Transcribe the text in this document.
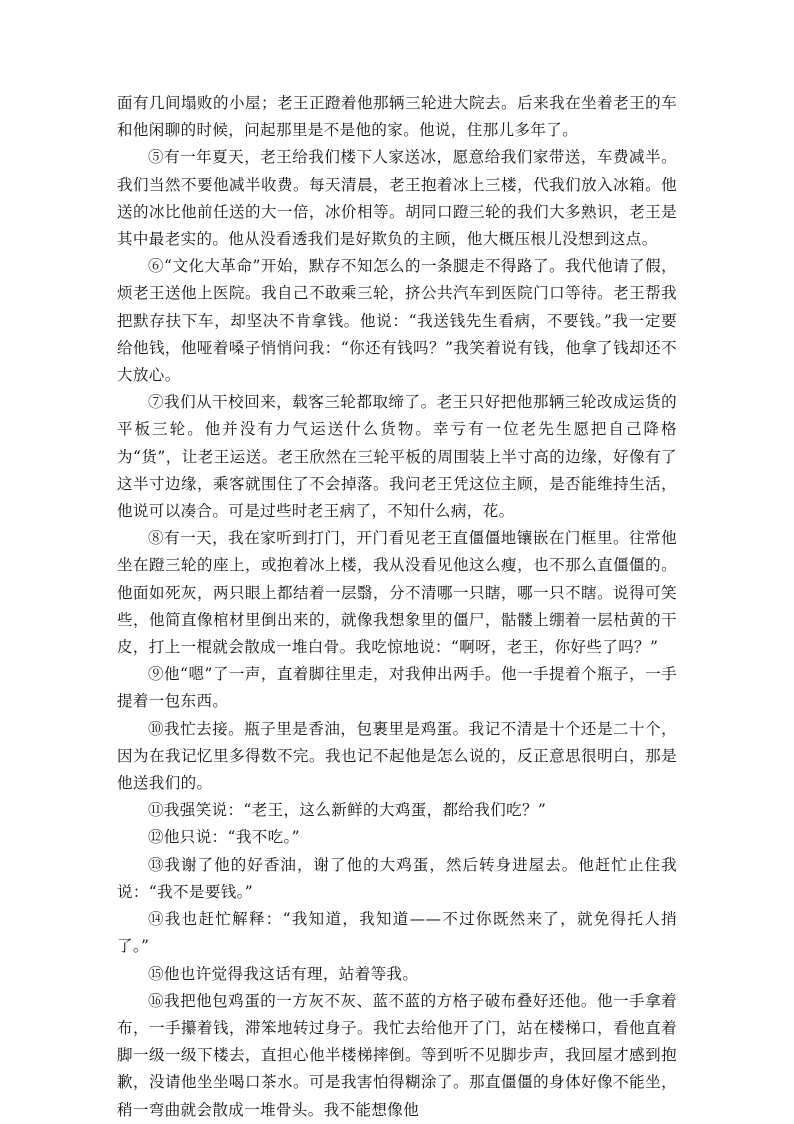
面有几间塌败的小屋；老王正蹬着他那辆三轮进大院去。后来我在坐着老王的车和他闲聊的时候，问起那里是不是他的家。他说，住那儿多年了。

⑤有一年夏天，老王给我们楼下人家送冰，愿意给我们家带送，车费减半。我们当然不要他减半收费。每天清晨，老王抱着冰上三楼，代我们放入冰箱。他送的冰比他前任送的大一倍，冰价相等。胡同口蹬三轮的我们大多熟识，老王是其中最老实的。他从没看透我们是好欺负的主顾，他大概压根儿没想到这点。

⑥“文化大革命”开始，默存不知怎么的一条腿走不得路了。我代他请了假，烦老王送他上医院。我自己不敢乘三轮，挤公共汽车到医院门口等待。老王帮我把默存扶下车，却坚决不肯拿钱。他说：“我送钱先生看病，不要钱。”我一定要给他钱，他哑着嗓子悄悄问我：“你还有钱吗？”我笑着说有钱，他拿了钱却还不大放心。

⑦我们从干校回来，载客三轮都取缔了。老王只好把他那辆三轮改成运货的平板三轮。他并没有力气运送什么货物。幸亏有一位老先生愿把自己降格为“货”，让老王运送。老王欣然在三轮平板的周围装上半寸高的边缘，好像有了这半寸边缘，乘客就围住了不会掉落。我问老王凭这位主顾，是否能维持生活，他说可以凑合。可是过些时老王病了，不知什么病，花。

⑧有一天，我在家听到打门，开门看见老王直僵僵地镶嵌在门框里。往常他坐在蹬三轮的座上，或抱着冰上楼，我从没看见他这么瘦，也不那么直僵僵的。他面如死灰，两只眼上都结着一层翳，分不清哪一只瞎，哪一只不瞎。说得可笑些，他简直像棺材里倒出来的，就像我想象里的僵尸，骷髅上绷着一层枯黄的干皮，打上一棍就会散成一堆白骨。我吃惊地说：“啊呀，老王，你好些了吗？”

⑨他“嗯”了一声，直着脚往里走，对我伸出两手。他一手提着个瓶子，一手提着一包东西。

⑩我忙去接。瓶子里是香油，包裹里是鸡蛋。我记不清是十个还是二十个，因为在我记忆里多得数不完。我也记不起他是怎么说的，反正意思很明白，那是他送我们的。

⑪我强笑说：“老王，这么新鲜的大鸡蛋，都给我们吃？”

⑫他只说：“我不吃。”

⑬我谢了他的好香油，谢了他的大鸡蛋，然后转身进屋去。他赶忙止住我说：“我不是要钱。”

⑭我也赶忙解释：“我知道，我知道——不过你既然来了，就免得托人捎了。”

⑮他也许觉得我这话有理，站着等我。

⑯我把他包鸡蛋的一方灰不灰、蓝不蓝的方格子破布叠好还他。他一手拿着布，一手攥着钱，滞笨地转过身子。我忙去给他开了门，站在楼梯口，看他直着脚一级一级下楼去，直担心他半楼梯摔倒。等到听不见脚步声，我回屋才感到抱歉，没请他坐坐喝口茶水。可是我害怕得糊涂了。那直僵僵的身体好像不能坐，稍一弯曲就会散成一堆骨头。我不能想像他
